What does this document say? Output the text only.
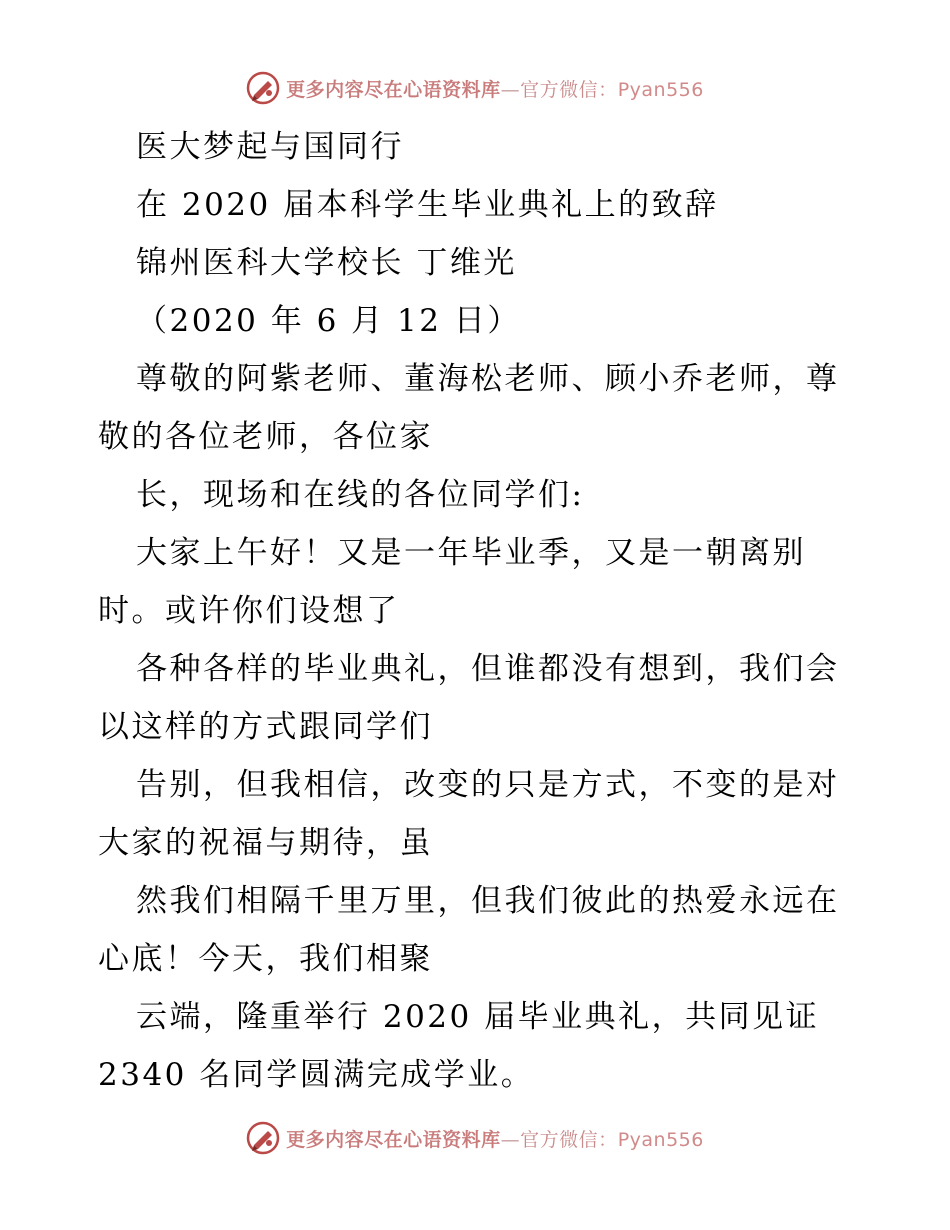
更多内容尽在心语资料库—官方微信：Pyan556
医大梦起与国同行
在 2020 届本科学生毕业典礼上的致辞
锦州医科大学校长 丁维光
（2020 年 6 月 12 日）
尊敬的阿紫老师、董海松老师、顾小乔老师，尊
敬的各位老师，各位家
长，现场和在线的各位同学们:
大家上午好！又是一年毕业季，又是一朝离别
时。或许你们设想了
各种各样的毕业典礼，但谁都没有想到，我们会
以这样的方式跟同学们
告别，但我相信，改变的只是方式，不变的是对
大家的祝福与期待，虽
然我们相隔千里万里，但我们彼此的热爱永远在
心底！今天，我们相聚
云端，隆重举行 2020 届毕业典礼，共同见证
2340 名同学圆满完成学业。
更多内容尽在心语资料库—官方微信：Pyan556
